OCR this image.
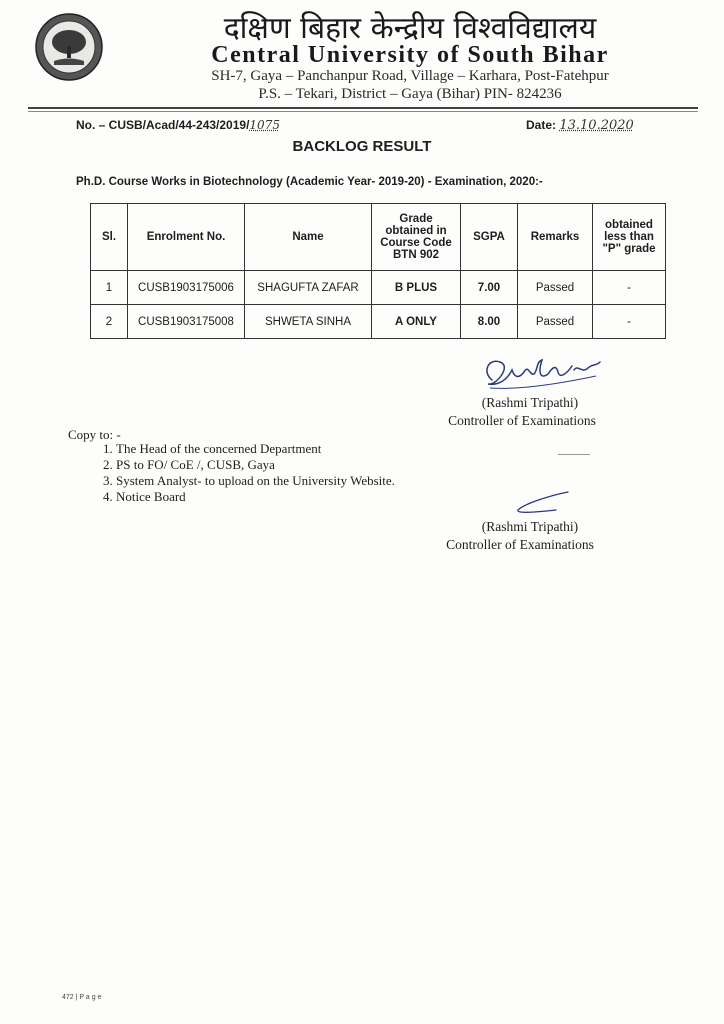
दक्षिण बिहार केन्द्रीय विश्वविद्यालय
Central University of South Bihar
SH-7, Gaya – Panchanpur Road, Village – Karhara, Post-Fatehpur
P.S. – Tekari, District – Gaya (Bihar) PIN- 824236
No. – CUSB/Acad/44-243/2019/1075	Date: 13.10.2020
BACKLOG RESULT
Ph.D. Course Works in Biotechnology (Academic Year- 2019-20) - Examination, 2020:-
Sl.	Enrolment No.	Name	Grade obtained in Course Code BTN 902	SGPA	Remarks	obtained less than "P" grade
1	CUSB1903175006	SHAGUFTA ZAFAR	B PLUS	7.00	Passed	-
2	CUSB1903175008	SHWETA SINHA	A ONLY	8.00	Passed	-
(Rashmi Tripathi)
Controller of Examinations
Copy to: -
1. The Head of the concerned Department
2. PS to FO/ CoE /, CUSB, Gaya
3. System Analyst- to upload on the University Website.
4. Notice Board
(Rashmi Tripathi)
Controller of Examinations
472 | P a g e
